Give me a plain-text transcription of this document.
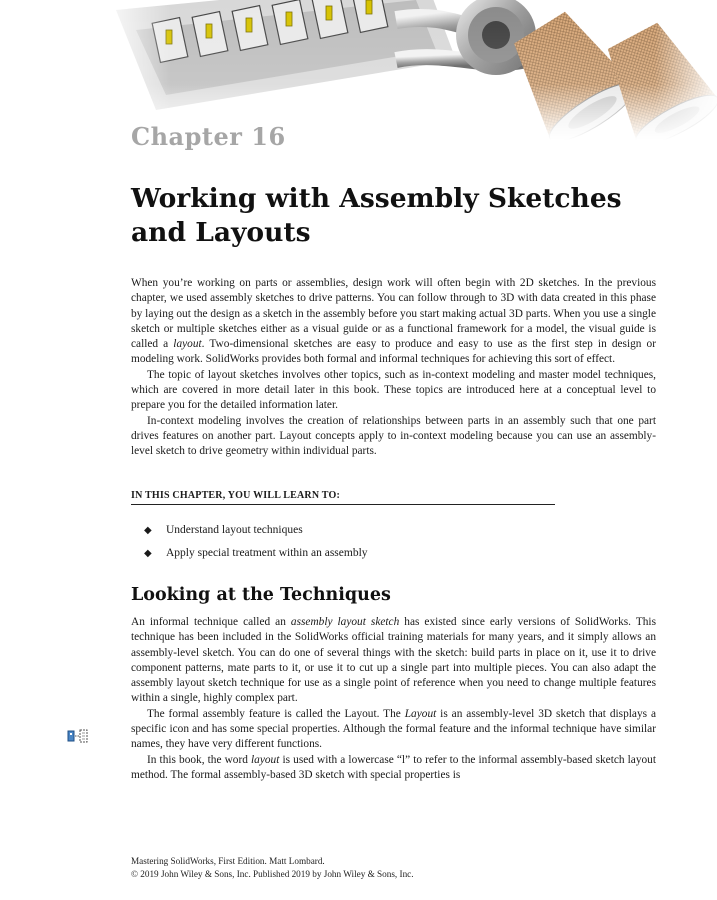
Chapter 16
Working with Assembly Sketches and Layouts

When you’re working on parts or assemblies, design work will often begin with 2D sketches. In the previous chapter, we used assembly sketches to drive patterns. You can follow through to 3D with data created in this phase by laying out the design as a sketch in the assembly before you start making actual 3D parts. When you use a single sketch or multiple sketches either as a visual guide or as a functional framework for a model, the visual guide is called a layout. Two-dimensional sketches are easy to produce and easy to use as the first step in design or modeling work. SolidWorks provides both formal and informal techniques for achieving this sort of effect.

The topic of layout sketches involves other topics, such as in-context modeling and master model techniques, which are covered in more detail later in this book. These topics are introduced here at a conceptual level to prepare you for the detailed information later.

In-context modeling involves the creation of relationships between parts in an assembly such that one part drives features on another part. Layout concepts apply to in-context modeling because you can use an assembly-level sketch to drive geometry within individual parts.

IN THIS CHAPTER, YOU WILL LEARN TO:
◆ Understand layout techniques
◆ Apply special treatment within an assembly
Looking at the Techniques

An informal technique called an assembly layout sketch has existed since early versions of SolidWorks. This technique has been included in the SolidWorks official training materials for many years, and it simply allows an assembly-level sketch. You can do one of several things with the sketch: build parts in place on it, use it to drive component patterns, mate parts to it, or use it to cut up a single part into multiple pieces. You can also adapt the assembly layout sketch technique for use as a single point of reference when you need to change multiple features within a single, highly complex part.

The formal assembly feature is called the Layout. The Layout is an assembly-level 3D sketch that displays a specific icon and has some special properties. Although the formal feature and the informal technique have similar names, they have very different functions.

In this book, the word layout is used with a lowercase “l” to refer to the informal assembly-based sketch layout method. The formal assembly-based 3D sketch with special properties is

Mastering SolidWorks, First Edition. Matt Lombard.
© 2019 John Wiley & Sons, Inc. Published 2019 by John Wiley & Sons, Inc.
